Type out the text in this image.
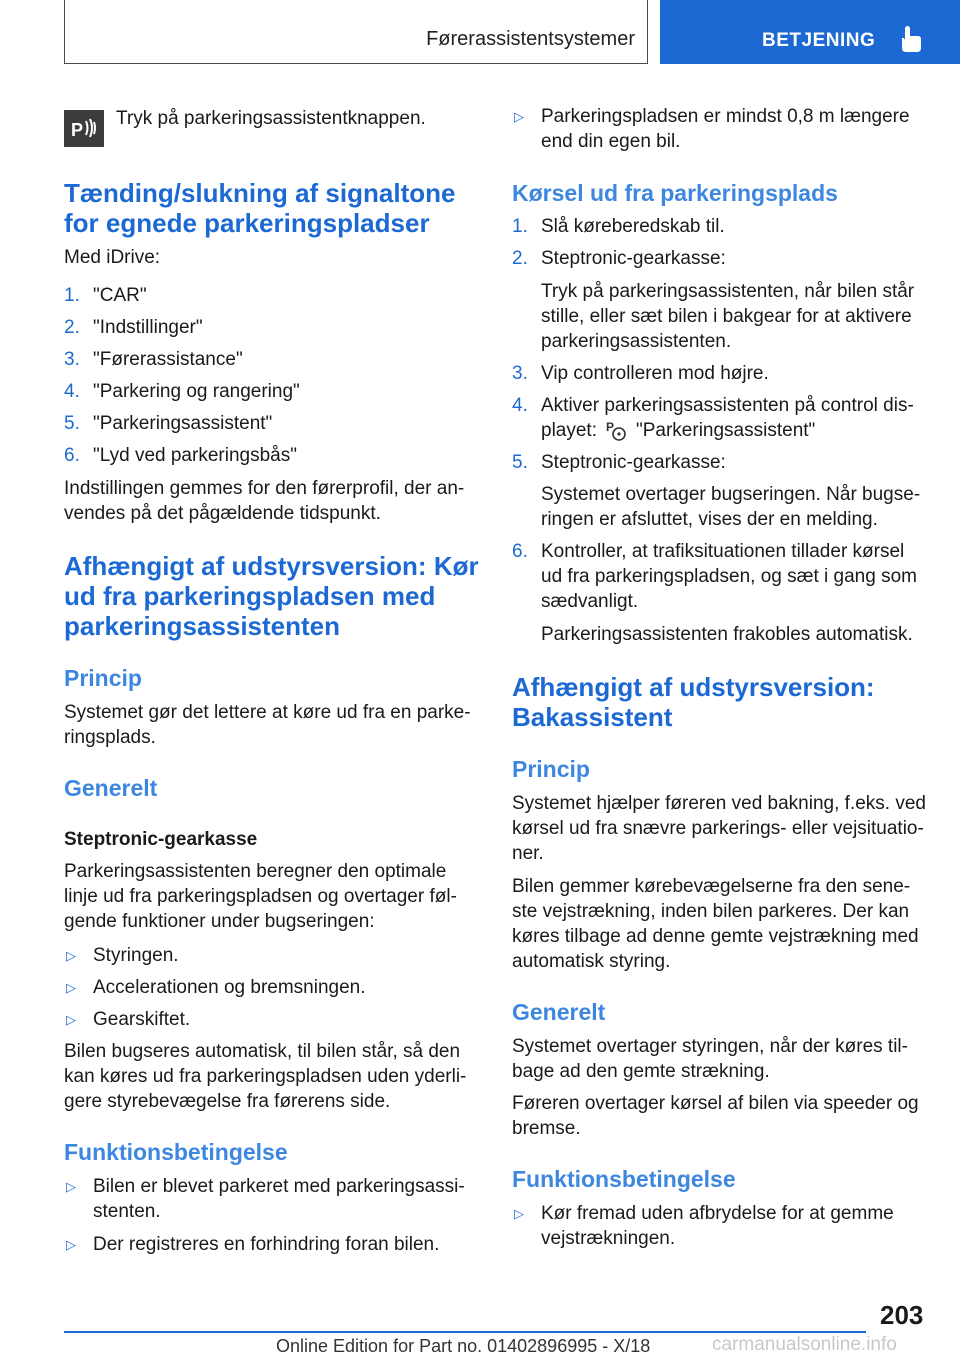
Førerassistentsystemer	BETJENING
P

Tryk på parkeringsassistentknappen.

Tænding/slukning af signaltone
for egnede parkeringspladser

Med iDrive:

1. "CAR"

2. "Indstillinger"

3. "Førerassistance"

4. "Parkering og rangering"

5. "Parkeringsassistent"

6. "Lyd ved parkeringsbås"

Indstillingen gemmes for den førerprofil, der an-

vendes på det pågældende tidspunkt.

Afhængigt af udstyrsversion: Kør
ud fra parkeringspladsen med
parkeringsassistenten
Princip

Systemet gør det lettere at køre ud fra en parke-

ringsplads.

Generelt
Steptronic-gearkasse

Parkeringsassistenten beregner den optimale

linje ud fra parkeringspladsen og overtager føl-

gende funktioner under bugseringen:

▷ Styringen.

▷ Accelerationen og bremsningen.

▷ Gearskiftet.

Bilen bugseres automatisk, til bilen står, så den

kan køres ud fra parkeringspladsen uden yderli-

gere styrebevægelse fra førerens side.

Funktionsbetingelse
▷ Bilen er blevet parkeret med parkeringsassi-

stenten.

▷ Der registreres en forhindring foran bilen.

▷ Parkeringspladsen er mindst 0,8 m længere

end din egen bil.

Kørsel ud fra parkeringsplads
1. Slå køreberedskab til.

2. Steptronic-gearkasse:

Tryk på parkeringsassistenten, når bilen står

stille, eller sæt bilen i bakgear for at aktivere

parkeringsassistenten.

3. Vip controlleren mod højre.

4. Aktiver parkeringsassistenten på control dis-

playet: P "Parkeringsassistent"

5. Steptronic-gearkasse:

Systemet overtager bugseringen. Når bugse-

ringen er afsluttet, vises der en melding.

6. Kontroller, at trafiksituationen tillader kørsel

ud fra parkeringspladsen, og sæt i gang som

sædvanligt.

Parkeringsassistenten frakobles automatisk.

Afhængigt af udstyrsversion:
Bakassistent
Princip

Systemet hjælper føreren ved bakning, f.eks. ved

kørsel ud fra snævre parkerings- eller vejsituatio-

ner.

Bilen gemmer kørebevægelserne fra den sene-

ste vejstrækning, inden bilen parkeres. Der kan

køres tilbage ad denne gemte vejstrækning med

automatisk styring.

Generelt

Systemet overtager styringen, når der køres til-

bage ad den gemte strækning.

Føreren overtager kørsel af bilen via speeder og

bremse.

Funktionsbetingelse
▷ Kør fremad uden afbrydelse for at gemme

vejstrækningen.

203
Online Edition for Part no. 01402896995 - X/18	carmanualsonline.info
